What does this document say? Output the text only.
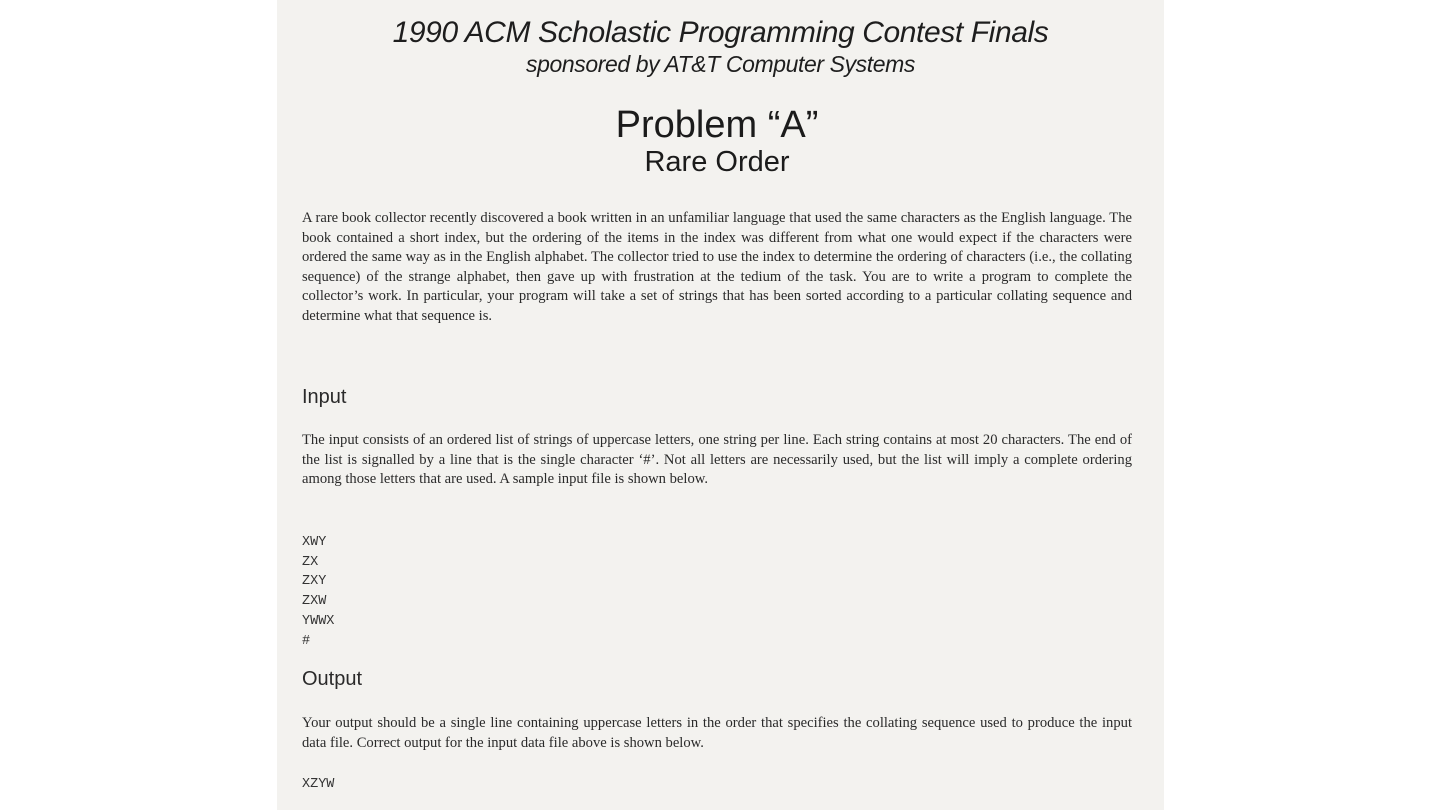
1990 ACM Scholastic Programming Contest Finals
sponsored by AT&T Computer Systems
Problem “A”
Rare Order

A rare book collector recently discovered a book written in an unfamiliar language that used the same characters as the English language. The book contained a short index, but the ordering of the items in the index was different from what one would expect if the characters were ordered the same way as in the English alphabet. The collector tried to use the index to determine the ordering of characters (i.e., the collating sequence) of the strange alphabet, then gave up with frustration at the tedium of the task. You are to write a program to complete the collector’s work. In particular, your program will take a set of strings that has been sorted according to a particular collating sequence and determine what that sequence is.

Input

The input consists of an ordered list of strings of uppercase letters, one string per line. Each string contains at most 20 characters. The end of the list is signalled by a line that is the single character ‘#’. Not all letters are necessarily used, but the list will imply a complete ordering among those letters that are used. A sample input file is shown below.

XWY
ZX
ZXY
ZXW
YWWX
#
Output

Your output should be a single line containing uppercase letters in the order that specifies the collating sequence used to produce the input data file. Correct output for the input data file above is shown below.

XZYW
